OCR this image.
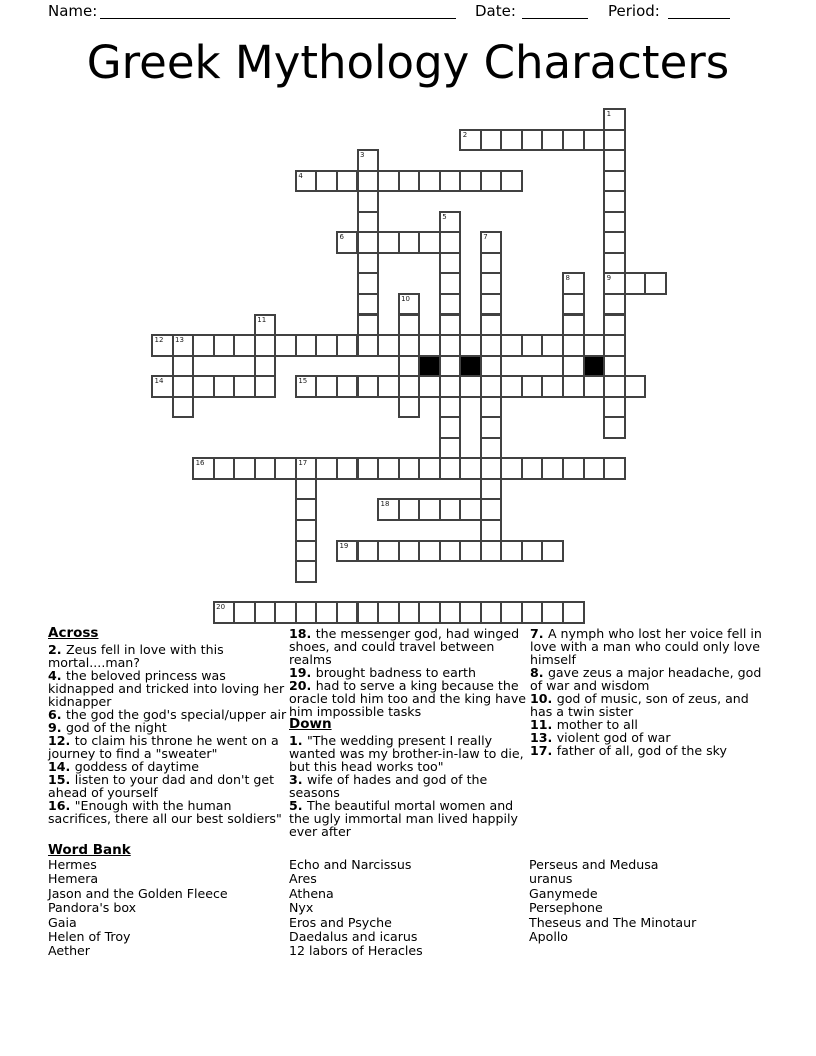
Name:	Date:	Period:
Greek Mythology Characters
1
9
2
3
4
5
6	7
8
10
11
12 13
14	15
16	17
18
19
20
Across

2. Zeus fell in love with this mortal....man?

4. the beloved princess was kidnapped and tricked into loving her kidnapper

6. the god the god's special/upper air

9. god of the night

12. to claim his throne he went on a journey to find a "sweater"

14. goddess of daytime

15. listen to your dad and don't get ahead of yourself

16. "Enough with the human sacrifices, there all our best soldiers"

18. the messenger god, had winged shoes, and could travel between realms

19. brought badness to earth

20. had to serve a king because the oracle told him too and the king have him impossible tasks

Down

1. "The wedding present I really wanted was my brother-in-law to die, but this head works too"

3. wife of hades and god of the seasons

5. The beautiful mortal women and the ugly immortal man lived happily ever after

7. A nymph who lost her voice fell in love with a man who could only love himself

8. gave zeus a major headache, god of war and wisdom

10. god of music, son of zeus, and has a twin sister

11. mother to all

13. violent god of war

17. father of all, god of the sky

Word Bank
Hermes
Hemera
Jason and the Golden Fleece
Pandora's box
Gaia
Helen of Troy
Aether
Echo and Narcissus
Ares
Athena
Nyx
Eros and Psyche
Daedalus and icarus
12 labors of Heracles
Perseus and Medusa
uranus
Ganymede
Persephone
Theseus and The Minotaur
Apollo
